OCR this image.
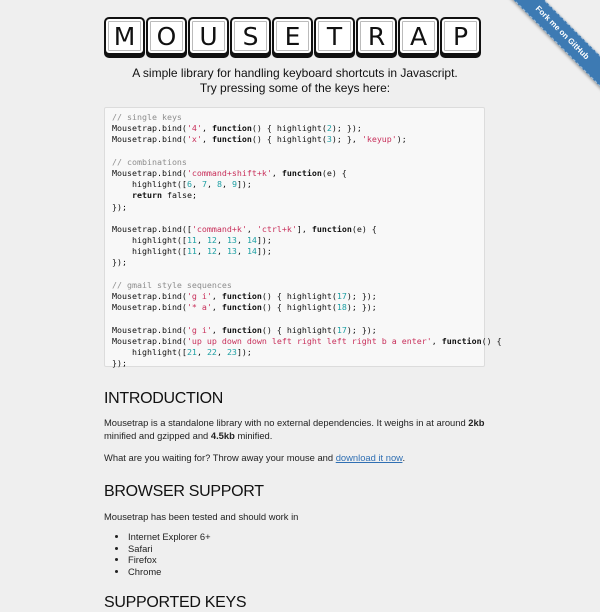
Fork me on GitHub
M O U S	E	T	R A	P
A simple library for handling keyboard shortcuts in Javascript.
Try pressing some of the keys here:
// single keys
Mousetrap.bind('4', function() { highlight(2); });
Mousetrap.bind('x', function() { highlight(3); }, 'keyup');
// combinations
Mousetrap.bind('command+shift+k', function(e) {
highlight([6, 7, 8, 9]);
return false;
});
Mousetrap.bind(['command+k', 'ctrl+k'], function(e) {
highlight([11, 12, 13, 14]);
highlight([11, 12, 13, 14]);
});
// gmail style sequences
Mousetrap.bind('g i', function() { highlight(17); });
Mousetrap.bind('* a', function() { highlight(18); });
Mousetrap.bind('g i', function() { highlight(17); });
Mousetrap.bind('up up down down left right left right b a enter', function() {
highlight([21, 22, 23]);
});
INTRODUCTION

Mousetrap is a standalone library with no external dependencies. It weighs in at around 2kb minified and gzipped and 4.5kb minified.

What are you waiting for? Throw away your mouse and download it now.

BROWSER SUPPORT

Mousetrap has been tested and should work in

• Internet Explorer 6+
• Safari
• Firefox
• Chrome
SUPPORTED KEYS
